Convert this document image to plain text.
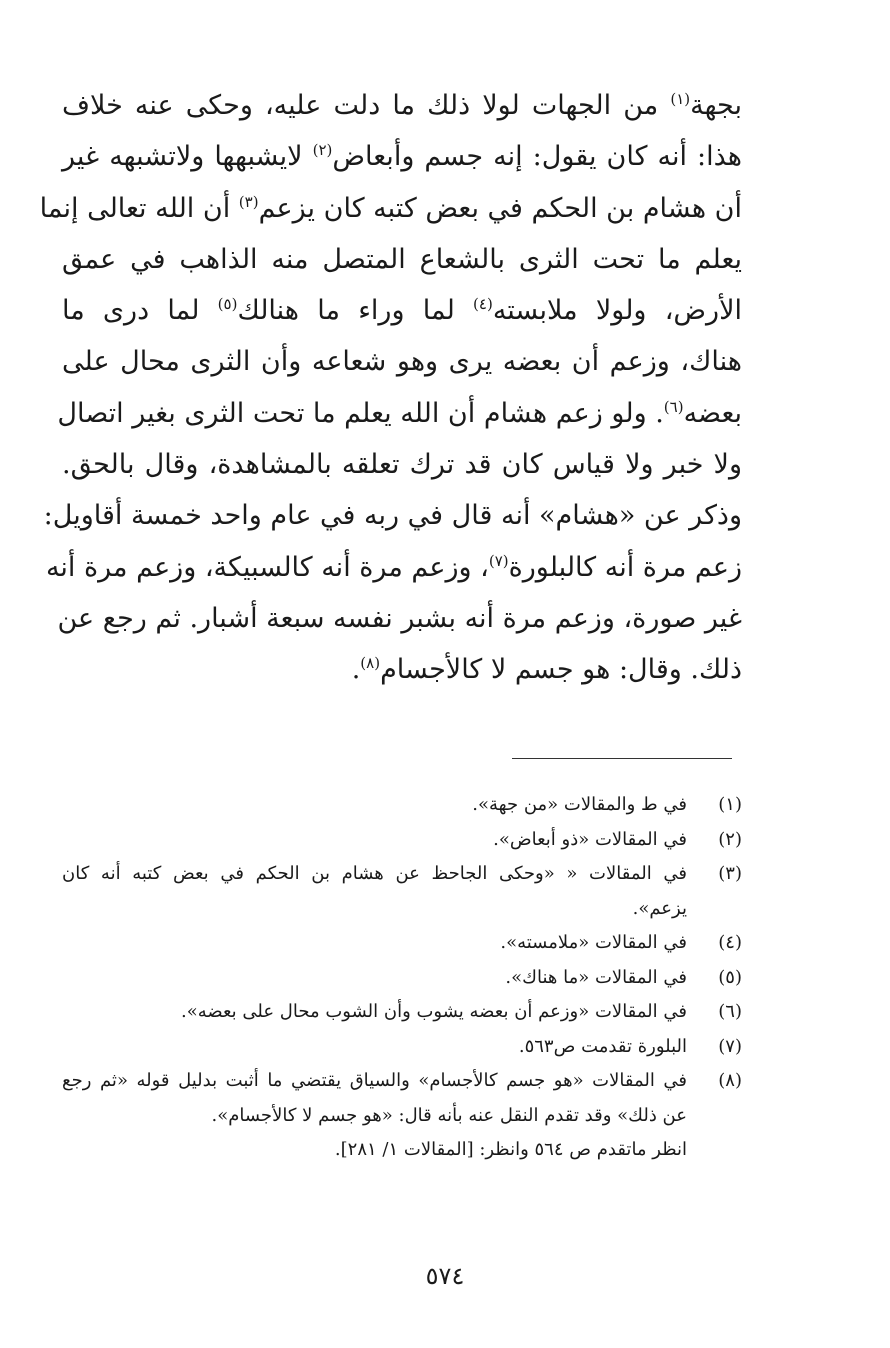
بجهة$^{(١)}$ من الجهات لولا ذلك ما دلت عليه، وحكى عنه خلاف
هذا: أنه كان يقول: إنه جسم وأبعاض$^{(٢)}$ لايشبهها ولاتشبهه غير
أن هشام بن الحكم في بعض كتبه كان يزعم$^{(٣)}$ أن الله تعالى إنما
يعلم ما تحت الثرى بالشعاع المتصل منه الذاهب في عمق
الأرض، ولولا ملابسته$^{(٤)}$ لما وراء ما هنالك$^{(٥)}$ لما درى ما
هناك، وزعم أن بعضه يرى وهو شعاعه وأن الثرى محال على
بعضه$^{(٦)}$. ولو زعم هشام أن الله يعلم ما تحت الثرى بغير اتصال
ولا خبر ولا قياس كان قد ترك تعلقه بالمشاهدة، وقال بالحق.
وذكر عن «هشام» أنه قال في ربه في عام واحد خمسة أقاويل:
زعم مرة أنه كالبلورة$^{(٧)}$، وزعم مرة أنه كالسبيكة، وزعم مرة أنه
غير صورة، وزعم مرة أنه بشبر نفسه سبعة أشبار. ثم رجع عن
ذلك. وقال: هو جسم لا كالأجسام$^{(٨)}$.
(١)
في ط والمقالات «من جهة».
(٢)
في المقالات «ذو أبعاض».
(٣)
في المقالات « «وحكى الجاحظ عن هشام بن الحكم في بعض كتبه أنه كان
يزعم».
(٤)
في المقالات «ملامسته».
(٥)
في المقالات «ما هناك».
(٦)
في المقالات «وزعم أن بعضه يشوب وأن الشوب محال على بعضه».
(٧)
البلورة تقدمت ص٥٦٣.
(٨)
في المقالات «هو جسم كالأجسام» والسياق يقتضي ما أثبت بدليل قوله «ثم رجع
عن ذلك» وقد تقدم النقل عنه بأنه قال: «هو جسم لا كالأجسام».
انظر ماتقدم ص ٥٦٤ وانظر: [المقالات ١/ ٢٨١].
٥٧٤
